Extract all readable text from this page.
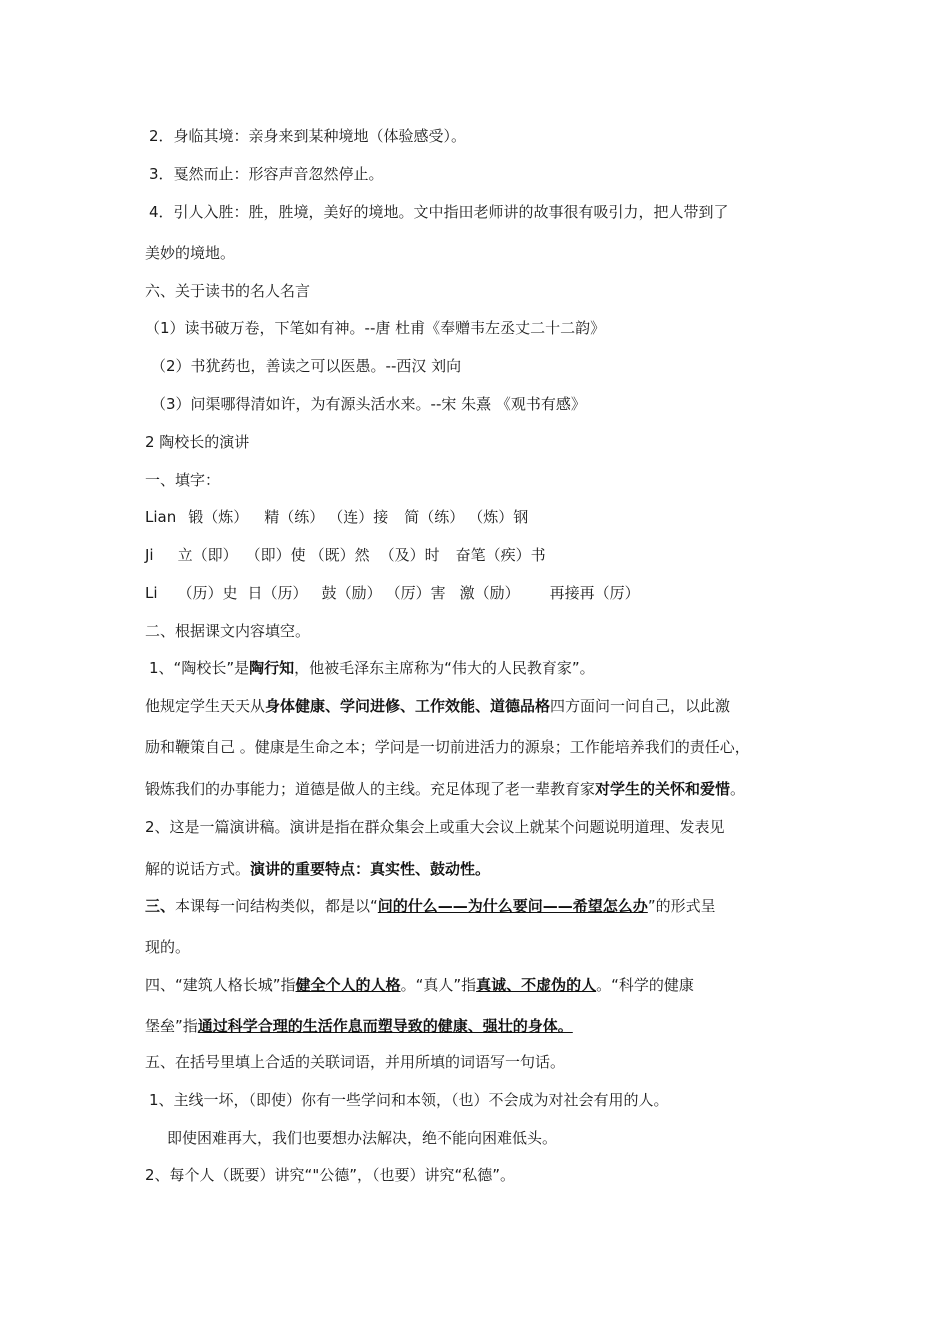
2．身临其境：亲身来到某种境地（体验感受）。
3．戛然而止：形容声音忽然停止。
4．引人入胜：胜，胜境，美好的境地。文中指田老师讲的故事很有吸引力，把人带到了
美妙的境地。
六、关于读书的名人名言
（1）读书破万卷，下笔如有神。--唐 杜甫《奉赠韦左丞丈二十二韵》
（2）书犹药也，善读之可以医愚。--西汉 刘向
（3）问渠哪得清如许，为有源头活水来。--宋 朱熹 《观书有感》
2 陶校长的演讲
一、填字：
Lian 锻（炼） 精（练） （连）接 简（练） （炼）钢
Ji 立（即） （即）使 （既）然 （及）时 奋笔（疾）书
Li （历）史 日（历） 鼓（励） （厉）害 激（励） 再接再（厉）
二、根据课文内容填空。
1、“陶校长”是陶行知，他被毛泽东主席称为“伟大的人民教育家”。
他规定学生天天从身体健康、学问进修、工作效能、道德品格四方面问一问自己，以此激
励和鞭策自己 。健康是生命之本；学问是一切前进活力的源泉；工作能培养我们的责任心，
锻炼我们的办事能力；道德是做人的主线。充足体现了老一辈教育家对学生的关怀和爱惜。
2、这是一篇演讲稿。演讲是指在群众集会上或重大会议上就某个问题说明道理、发表见
解的说话方式。演讲的重要特点：真实性、鼓动性。
三、本课每一问结构类似，都是以“问的什么——为什么要问——希望怎么办”的形式呈
现的。
四、“建筑人格长城”指健全个人的人格。“真人”指真诚、不虚伪的人。“科学的健康
堡垒”指通过科学合理的生活作息而塑导致的健康、强壮的身体。
五、在括号里填上合适的关联词语，并用所填的词语写一句话。
1、主线一坏，（即使）你有一些学问和本领，（也）不会成为对社会有用的人。
即使困难再大，我们也要想办法解决，绝不能向困难低头。
2、每个人（既要）讲究“"公德”，（也要）讲究“私德”。
